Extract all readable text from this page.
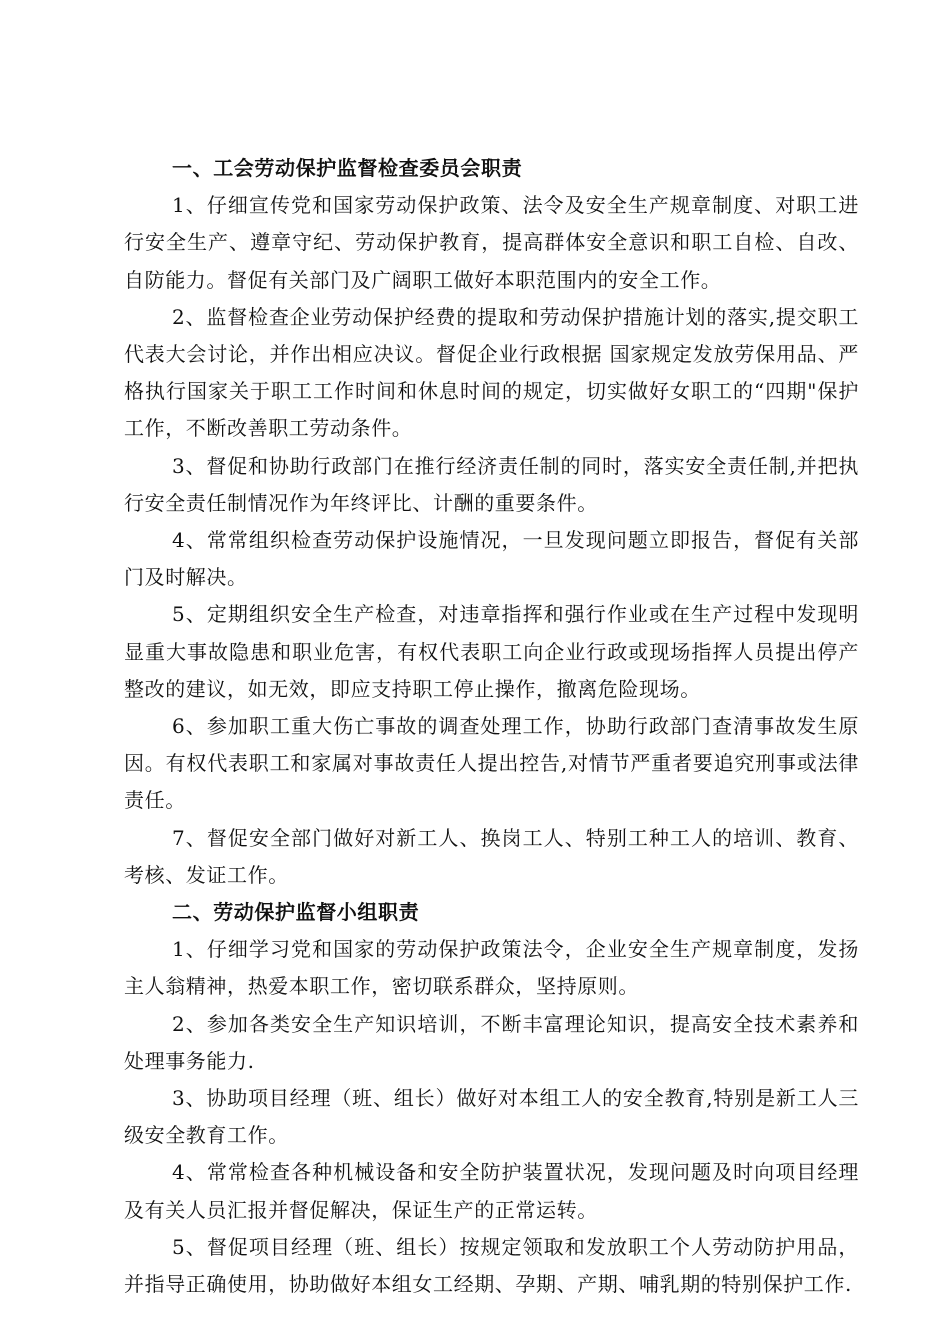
一、工会劳动保护监督检查委员会职责

1、仔细宣传党和国家劳动保护政策、法令及安全生产规章制度、对职工进行安全生产、遵章守纪、劳动保护教育，提高群体安全意识和职工自检、自改、自防能力。督促有关部门及广阔职工做好本职范围内的安全工作。

2、监督检查企业劳动保护经费的提取和劳动保护措施计划的落实,提交职工代表大会讨论，并作出相应决议。督促企业行政根据 国家规定发放劳保用品、严格执行国家关于职工工作时间和休息时间的规定，切实做好女职工的“四期"保护工作，不断改善职工劳动条件。

3、督促和协助行政部门在推行经济责任制的同时，落实安全责任制,并把执行安全责任制情况作为年终评比、计酬的重要条件。

4、常常组织检查劳动保护设施情况，一旦发现问题立即报告，督促有关部门及时解决。

5、定期组织安全生产检查，对违章指挥和强行作业或在生产过程中发现明显重大事故隐患和职业危害，有权代表职工向企业行政或现场指挥人员提出停产整改的建议，如无效，即应支持职工停止操作，撤离危险现场。

6、参加职工重大伤亡事故的调查处理工作，协助行政部门查清事故发生原因。有权代表职工和家属对事故责任人提出控告,对情节严重者要追究刑事或法律责任。

7、督促安全部门做好对新工人、换岗工人、特别工种工人的培训、教育、考核、发证工作。

二、劳动保护监督小组职责

1、仔细学习党和国家的劳动保护政策法令，企业安全生产规章制度，发扬主人翁精神，热爱本职工作，密切联系群众，坚持原则。

2、参加各类安全生产知识培训，不断丰富理论知识，提高安全技术素养和处理事务能力.

3、协助项目经理（班、组长）做好对本组工人的安全教育,特别是新工人三级安全教育工作。

4、常常检查各种机械设备和安全防护装置状况，发现问题及时向项目经理及有关人员汇报并督促解决，保证生产的正常运转。

5、督促项目经理（班、组长）按规定领取和发放职工个人劳动防护用品，并指导正确使用，协助做好本组女工经期、孕期、产期、哺乳期的特别保护工作.
